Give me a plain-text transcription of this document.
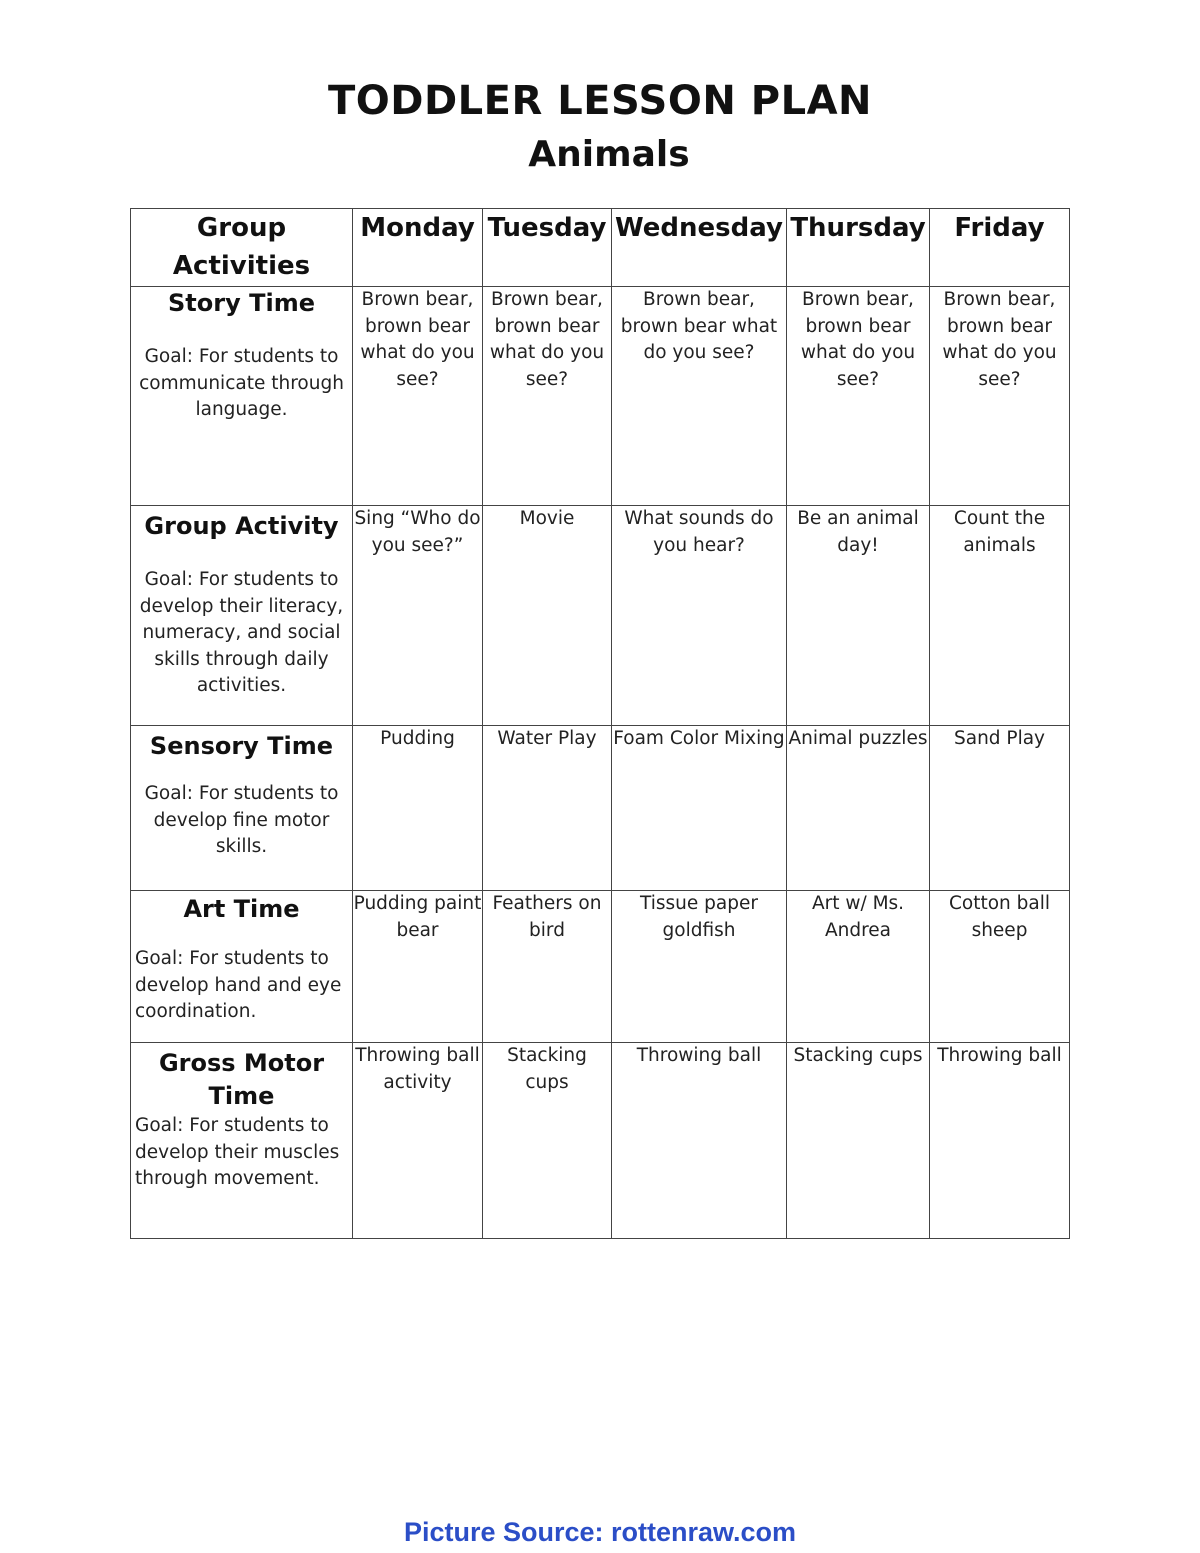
TODDLER LESSON PLAN
Animals
Group
Activities	Monday	Tuesday	Wednesday	Thursday	Friday

Story Time
Goal: For students to communicate through language.	Brown bear, brown bear what do you see?	Brown bear, brown bear what do you see?	Brown bear, brown bear what do you see?	Brown bear, brown bear what do you see?	Brown bear, brown bear what do you see?

Group Activity
Goal: For students to develop their literacy, numeracy, and social skills through daily activities.	Sing “Who do you see?”	Movie	What sounds do you hear?	Be an animal day!	Count the animals

Sensory Time
Goal: For students to develop fine motor skills.	Pudding	Water Play	Foam Color Mixing	Animal puzzles	Sand Play

Art Time
Goal: For students to develop hand and eye coordination.	Pudding paint bear	Feathers on bird	Tissue paper goldfish	Art w/ Ms. Andrea	Cotton ball sheep

Gross Motor Time
Goal: For students to develop their muscles through movement.	Throwing ball activity	Stacking cups	Throwing ball	Stacking cups	Throwing ball
Picture Source: rottenraw.com
